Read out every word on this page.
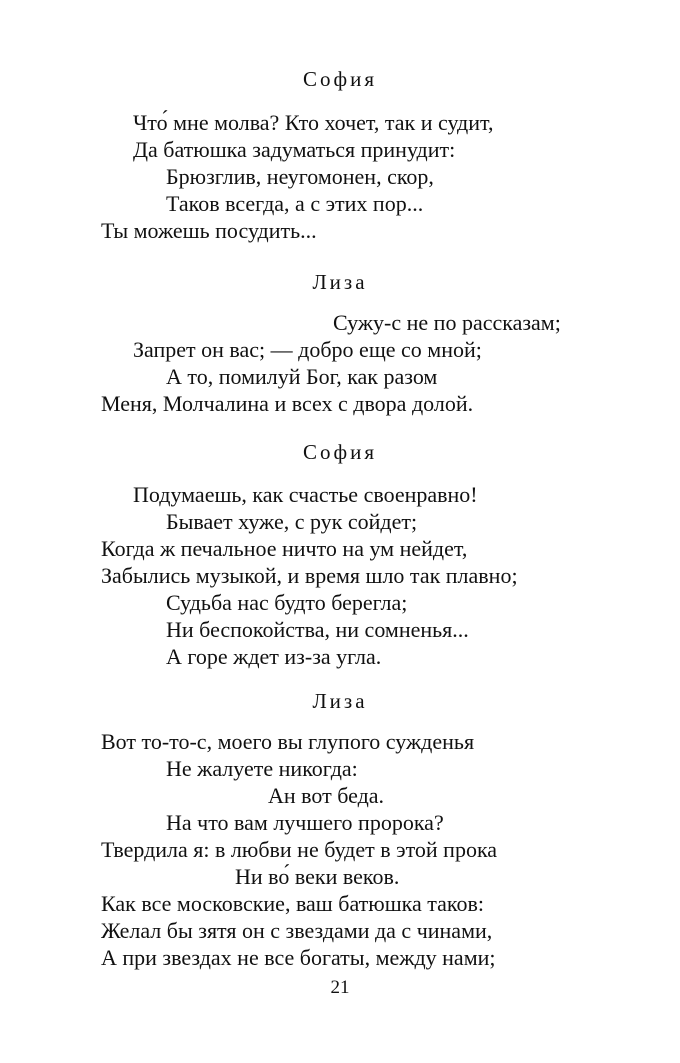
София
Что́ мне молва? Кто хочет, так и судит,
Да батюшка задуматься принудит:
Брюзглив, неугомонен, скор,
Таков всегда, а с этих пор...
Ты можешь посудить...
Лиза
Сужу-с не по рассказам;
Запрет он вас; — добро еще со мной;
А то, помилуй Бог, как разом
Меня, Молчалина и всех с двора долой.
София
Подумаешь, как счастье своенравно!
Бывает хуже, с рук сойдет;
Когда ж печальное ничто на ум нейдет,
Забылись музыкой, и время шло так плавно;
Судьба нас будто берегла;
Ни беспокойства, ни сомненья...
А горе ждет из-за угла.
Лиза
Вот то-то-с, моего вы глупого сужденья
Не жалуете никогда:
Ан вот беда.
На что вам лучшего пророка?
Твердила я: в любви не будет в этой прока
Ни во́ веки веков.
Как все московские, ваш батюшка таков:
Желал бы зятя он с звездами да с чинами,
А при звездах не все богаты, между нами;
21
